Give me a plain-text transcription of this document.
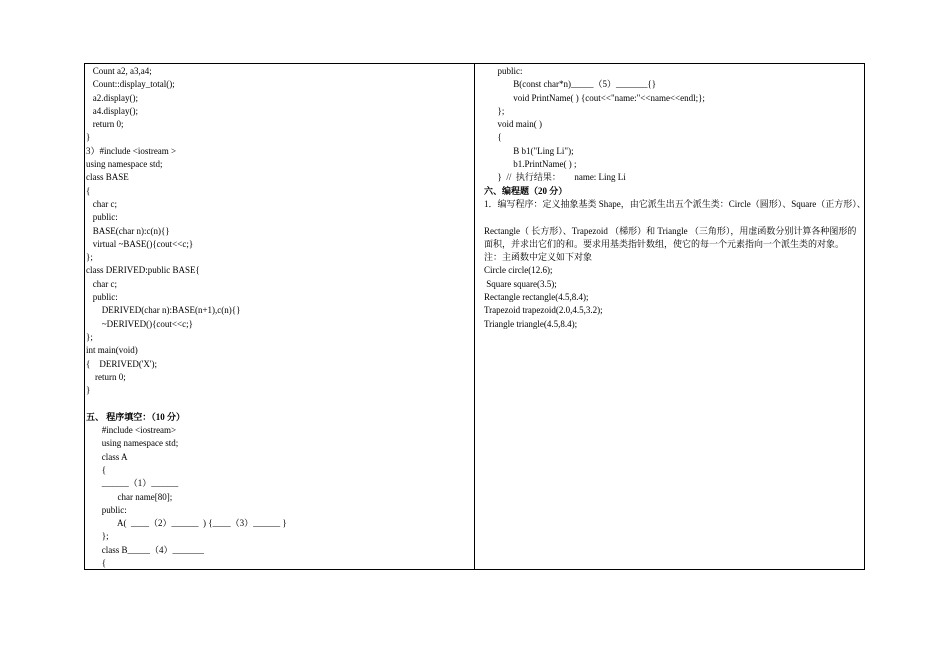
Count a2, a3,a4;
Count::display_total();
a2.display();
a4.display();
return 0;
}
3）#include <iostream >
using namespace std;
class BASE
{
char c;
public:
BASE(char n):c(n){}
virtual ~BASE(){cout<<c;}
};
class DERIVED:public BASE{
char c;
public:
DERIVED(char n):BASE(n+1),c(n){}
~DERIVED(){cout<<c;}
};
int main(void)
{    DERIVED('X');
return 0;
}
五、 程序填空：（10 分）
#include <iostream>
using namespace std;
class A
{
______（1）______
char name[80];
public:
A(  ____（2）______  ) {____（3）______ }
};
class B_____（4）_______
{
public:
B(const char*n)_____（5）_______{}
void PrintName( ) {cout<<"name:"<<name<<endl;};
};
void main( )
{
B b1("Ling Li");
b1.PrintName( ) ;
}  //  执行结果：      name: Ling Li
六、编程题（20 分）
1．编写程序：定义抽象基类 Shape，由它派生出五个派生类：Circle（圆形）、Square（正方形）、
Rectangle（ 长方形）、Trapezoid （梯形）和 Triangle （三角形），用虚函数分别计算各种图形的
面积，并求出它们的和。要求用基类指针数组，使它的每一个元素指向一个派生类的对象。
注：主函数中定义如下对象
Circle circle(12.6);
Square square(3.5);
Rectangle rectangle(4.5,8.4);
Trapezoid trapezoid(2.0,4.5,3.2);
Triangle triangle(4.5,8.4);
